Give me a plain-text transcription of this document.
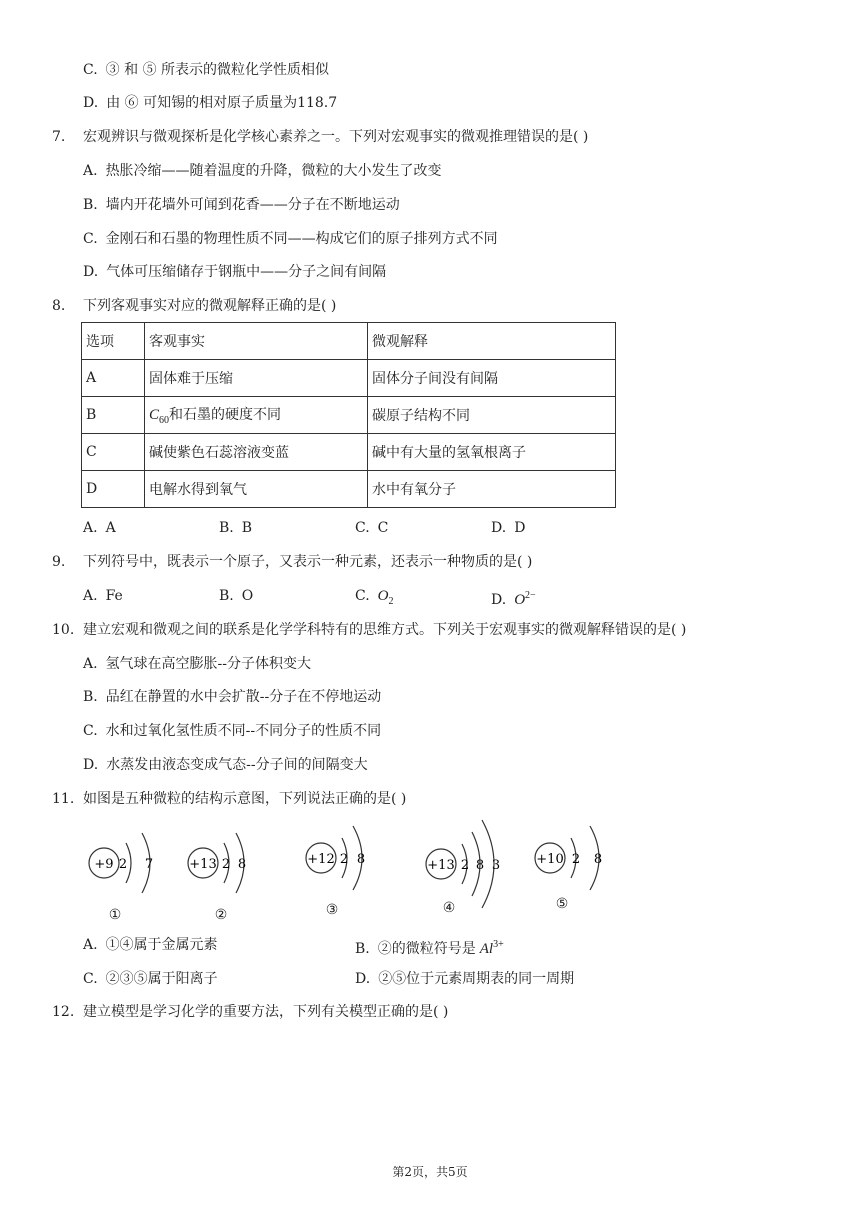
C. ③ 和 ⑤ 所表示的微粒化学性质相似
D. 由 ⑥ 可知锡的相对原子质量为118.7
7. 宏观辨识与微观探析是化学核心素养之一。下列对宏观事实的微观推理错误的是( )
A. 热胀冷缩——随着温度的升降，微粒的大小发生了改变
B. 墙内开花墙外可闻到花香——分子在不断地运动
C. 金刚石和石墨的物理性质不同——构成它们的原子排列方式不同
D. 气体可压缩储存于钢瓶中——分子之间有间隔
8. 下列客观事实对应的微观解释正确的是( )
选项	客观事实	微观解释
A	固体难于压缩	固体分子间没有间隔
B	$C_{60}$和石墨的硬度不同	碳原子结构不同
C	碱使紫色石蕊溶液变蓝	碱中有大量的氢氧根离子
D	电解水得到氧气	水中有氧分子
A. A	B. B	C. C	D. D
9. 下列符号中，既表示一个原子，又表示一种元素，还表示一种物质的是( )
A. Fe	B. O	C. $O_2$	D. $O^{2-}$
10. 建立宏观和微观之间的联系是化学学科特有的思维方式。下列关于宏观事实的微观解释错误的是( )
A. 氢气球在高空膨胀--分子体积变大
B. 品红在静置的水中会扩散--分子在不停地运动
C. 水和过氧化氢性质不同--不同分子的性质不同
D. 水蒸发由液态变成气态--分子间的间隔变大
11. 如图是五种微粒的结构示意图，下列说法正确的是( )
+9 2 7
①
+13 2 8
②
+12 2 8
③
+13 2 8 3
④
+10 2 8
⑤
A. ①④属于金属元素	B. ②的微粒符号是 $Al^{3+}$
C. ②③⑤属于阳离子	D. ②⑤位于元素周期表的同一周期
12. 建立模型是学习化学的重要方法，下列有关模型正确的是( )
第2页，共5页
